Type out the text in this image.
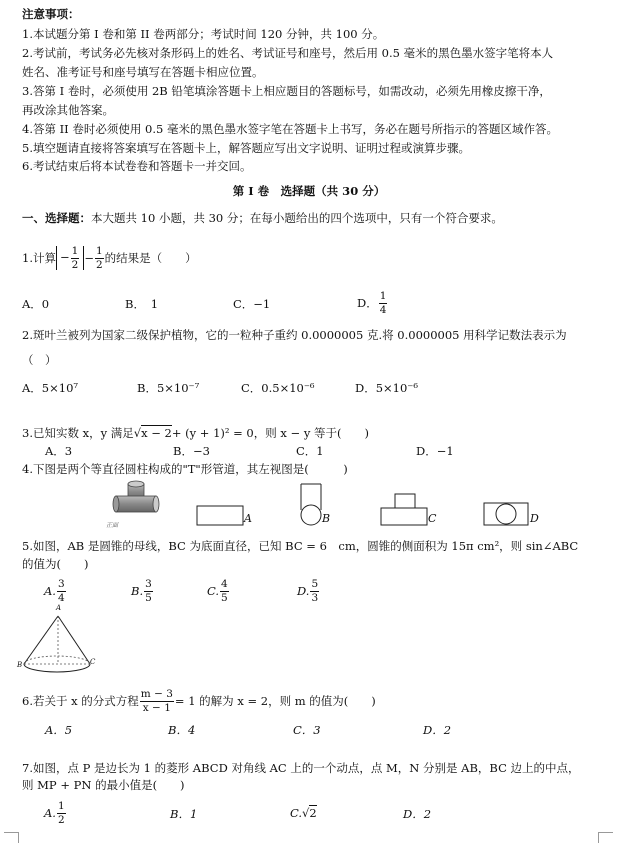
注意事项：
1.本试题分第 I 卷和第 II 卷两部分；考试时间 120 分钟，共 100 分。
2.考试前，考试务必先核对条形码上的姓名、考试证号和座号，然后用 0.5 毫米的黑色墨水签字笔将本人
姓名、准考证号和座号填写在答题卡相应位置。
3.答第 I 卷时，必须使用 2B 铅笔填涂答题卡上相应题目的答题标号，如需改动，必须先用橡皮擦干净，
再改涂其他答案。
4.答第 II 卷时必须使用 0.5 毫米的黑色墨水签字笔在答题卡上书写，务必在题号所指示的答题区域作答。
5.填空题请直接将答案填写在答题卡上，解答题应写出文字说明、证明过程或演算步骤。
6.考试结束后将本试卷卷和答题卡一并交回。
第 I 卷　选择题（共 30 分）
一、选择题：本大题共 10 小题，共 30 分；在每小题给出的四个选项中，只有一个符合要求。
1.计算 − $\frac{1}{2} - \frac{1}{2}$ 的结果是（　　）
A．0	B．　1	C．−1	D． $\frac{1}{4}$
2.斑叶兰被列为国家二级保护植物，它的一粒种子重约 0.0000005 克.将 0.0000005 用科学记数法表示为
（　）
A．5×10⁷	B．5×10⁻⁷	C．0.5×10⁻⁶	D．5×10⁻⁶
3.已知实数 x，y 满足√x − 2+ (y + 1)² = 0，则 x − y 等于(　　)
A．3	B．−3	C．1	D．−1
4.下图是两个等直径圆柱构成的"T"形管道，其左视图是(　　　)
正面
A	B	C	D
5.如图，AB 是圆锥的母线，BC 为底面直径，已知 BC = 6　cm，圆锥的侧面积为 15π cm²，则 sin∠ABC
的值为(　　)
A. $\frac{3}{4}$	B. $\frac{3}{5}$	C. $\frac{4}{5}$	D. $\frac{5}{3}$
A
B	C
6.若关于 x 的分式方程 $\frac{m - 3}{x - 1} = 1$ 的解为 x = 2，则 m 的值为(　　)
A．5	B．4	C．3	D．2
7.如图，点 P 是边长为 1 的菱形 ABCD 对角线 AC 上的一个动点，点 M，N 分别是 AB，BC 边上的中点，
则 MP + PN 的最小值是(　　)
A. $\frac{1}{2}$	B．1	C.√2	D．2
